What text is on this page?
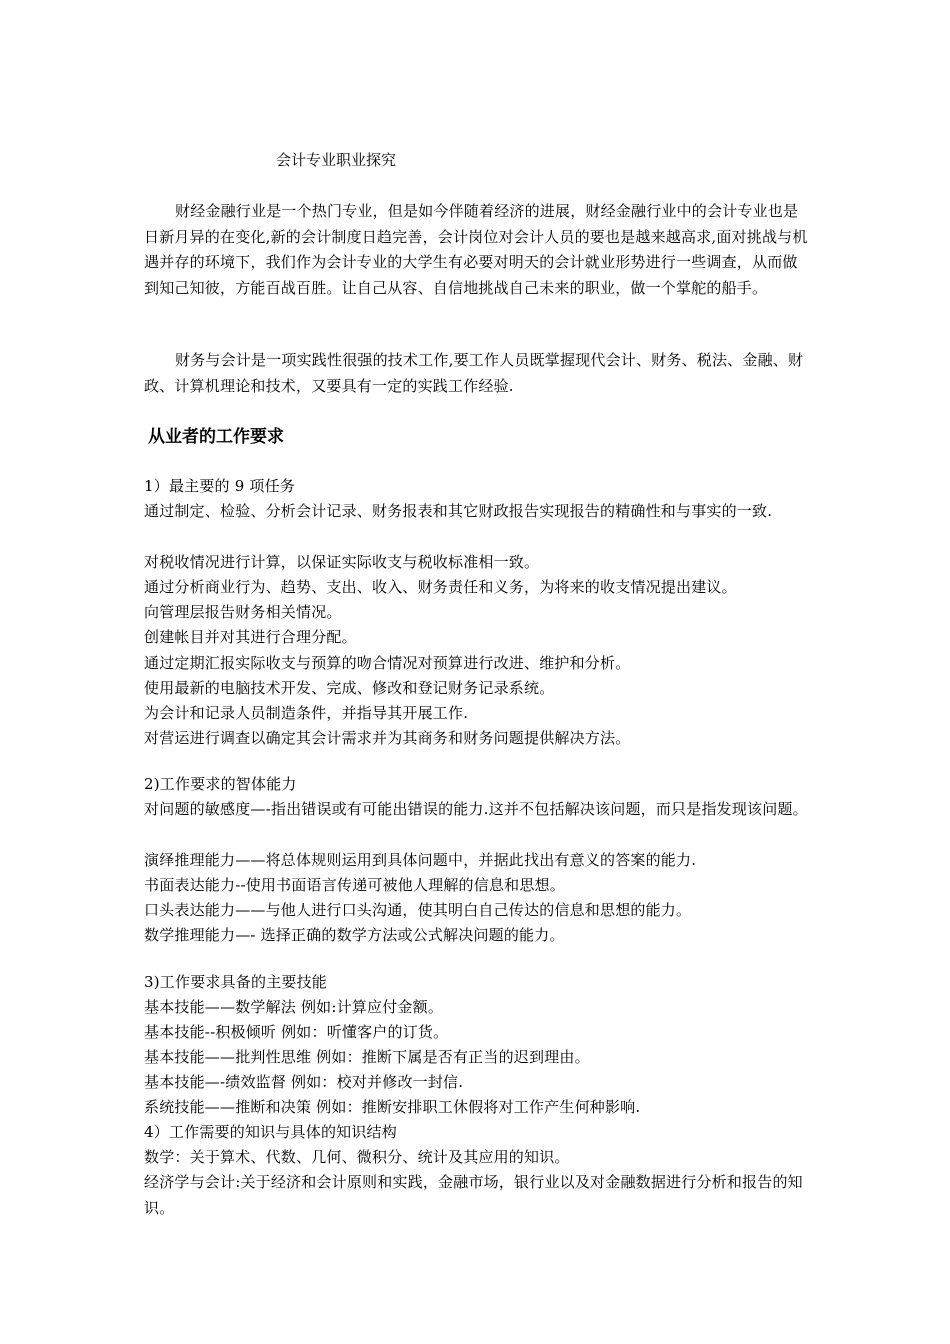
会计专业职业探究

财经金融行业是一个热门专业，但是如今伴随着经济的进展，财经金融行业中的会计专业也是日新月异的在变化,新的会计制度日趋完善，会计岗位对会计人员的要也是越来越高求,面对挑战与机遇并存的环境下，我们作为会计专业的大学生有必要对明天的会计就业形势进行一些调查，从而做到知己知彼，方能百战百胜。让自己从容、自信地挑战自己未来的职业，做一个掌舵的船手。

财务与会计是一项实践性很强的技术工作,要工作人员既掌握现代会计、财务、税法、金融、财政、计算机理论和技术，又要具有一定的实践工作经验.

从业者的工作要求

1）最主要的 9 项任务

通过制定、检验、分析会计记录、财务报表和其它财政报告实现报告的精确性和与事实的一致.

对税收情况进行计算，以保证实际收支与税收标准相一致。

通过分析商业行为、趋势、支出、收入、财务责任和义务，为将来的收支情况提出建议。

向管理层报告财务相关情况。

创建帐目并对其进行合理分配。

通过定期汇报实际收支与预算的吻合情况对预算进行改进、维护和分析。

使用最新的电脑技术开发、完成、修改和登记财务记录系统。

为会计和记录人员制造条件，并指导其开展工作.

对营运进行调查以确定其会计需求并为其商务和财务问题提供解决方法。

2)工作要求的智体能力

对问题的敏感度—-指出错误或有可能出错误的能力.这并不包括解决该问题，而只是指发现该问题。

演绎推理能力——将总体规则运用到具体问题中，并据此找出有意义的答案的能力.

书面表达能力--使用书面语言传递可被他人理解的信息和思想。

口头表达能力——与他人进行口头沟通，使其明白自己传达的信息和思想的能力。

数学推理能力—- 选择正确的数学方法或公式解决问题的能力。

3)工作要求具备的主要技能

基本技能——数学解法 例如:计算应付金额。

基本技能--积极倾听 例如：听懂客户的订货。

基本技能——批判性思维 例如：推断下属是否有正当的迟到理由。

基本技能—-绩效监督 例如：校对并修改一封信.

系统技能——推断和决策 例如：推断安排职工休假将对工作产生何种影响.

4）工作需要的知识与具体的知识结构

数学：关于算术、代数、几何、微积分、统计及其应用的知识。

经济学与会计:关于经济和会计原则和实践，金融市场，银行业以及对金融数据进行分析和报告的知识。
